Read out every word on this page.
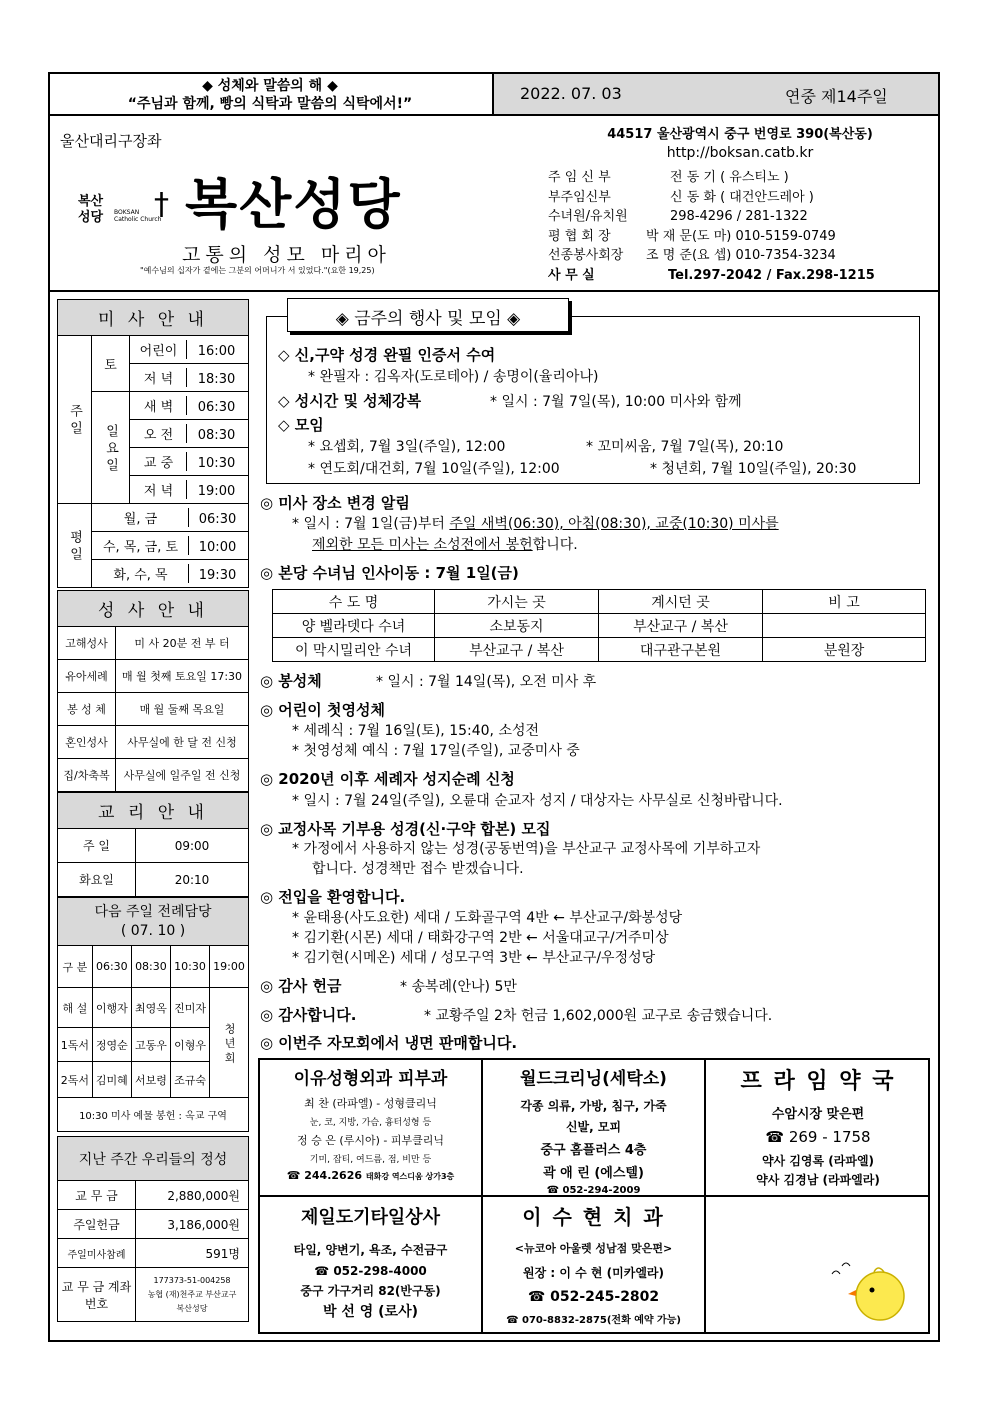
◆ 성체와 말씀의 해 ◆
“주님과 함께, 빵의 식탁과 말씀의 식탁에서!”
2022. 07. 03	연중 제14주일
울산대리구장좌
복산
성당 †
BOKSAN Catholic Church 복산성당
고통의 성모 마리아
"예수님의 십자가 곁에는 그분의 어머니가 서 있었다."(요한 19,25)
44517 울산광역시 중구 번영로 390(복산동)
http://boksan.catb.kr
주 임 신 부	전 동 기 ( 유스티노 )
부주임신부	신 동 화 ( 대건안드레아 )
수녀원/유치원	298-4296 / 281-1322
평 협 회 장	박 재 문(도 마) 010-5159-0749
선종봉사회장 조 명 준(요 셉) 010-7354-3234
사 무 실	Tel.297-2042 / Fax.298-1215
미 사 안 내		
주 일	토	어린이 16:00
		저 녁 18:30
	일 요 일	새 벽 06:30
		오 전 08:30
		교 중 10:30
		저 녁 19:00
평 일	월, 금 06:30	
	수, 목, 금, 토 10:00	
	화, 수, 목 19:30	
성 사 안 내	
고해성사	미 사 20분 전 부 터
유아세례	매 월 첫째 토요일 17:30
봉 성 체	매 월 둘째 목요일
혼인성사	사무실에 한 달 전 신청
집/차축복	사무실에 일주일 전 신청
교 리 안 내	
주 일	09:00
화요일	20:10
다음 주일 전례담당
( 07. 10 )				

구 분	06:30	08:30	10:30	19:00
해 설	이행자	최영옥	진미자	청 년 회
1독서	정영순	고동우	이형우	
2독서	김미혜	서보령	조규숙	
10:30 미사 예물 봉헌 : 옥교 구역				
지난 주간 우리들의 정성	
교 무 금	2,880,000원
주일헌금	3,186,000원
주일미사참례	591명
교 무 금 계좌번호	177373-51-004258
농협 (재)천주교 부산교구
복산성당
◈ 금주의 행사 및 모임 ◈
◇ 신,구약 성경 완필 인증서 수여
* 완필자 : 김옥자(도로테아) / 송명이(율리아나)
◇ 성시간 및 성체강복	* 일시 : 7월 7일(목), 10:00 미사와 함께
◇ 모임
* 요셉회, 7월 3일(주일), 12:00	* 꼬미씨움, 7월 7일(목), 20:10
* 연도회/대건회, 7월 10일(주일), 12:00	* 청년회, 7월 10일(주일), 20:30
◎ 미사 장소 변경 알림
* 일시 : 7월 1일(금)부터 주일 새벽(06:30), 아침(08:30), 교중(10:30) 미사를
제외한 모든 미사는 소성전에서 봉헌합니다.
◎ 본당 수녀님 인사이동 : 7월 1일(금)
수 도 명	가시는 곳	계시던 곳	비 고
양 벨라뎃다 수녀	소보동지	부산교구 / 복산	
이 막시밀리안 수녀	부산교구 / 복산	대구관구본원	분원장
◎ 봉성체	* 일시 : 7월 14일(목), 오전 미사 후
◎ 어린이 첫영성체
* 세례식 : 7월 16일(토), 15:40, 소성전
* 첫영성체 예식 : 7월 17일(주일), 교중미사 중
◎ 2020년 이후 세례자 성지순례 신청
* 일시 : 7월 24일(주일), 오륜대 순교자 성지 / 대상자는 사무실로 신청바랍니다.
◎ 교정사목 기부용 성경(신·구약 합본) 모집
* 가정에서 사용하지 않는 성경(공동번역)을 부산교구 교정사목에 기부하고자
합니다. 성경책만 접수 받겠습니다.
◎ 전입을 환영합니다.
* 윤태용(사도요한) 세대 / 도화골구역 4반 ← 부산교구/화봉성당
* 김기환(시몬) 세대 / 태화강구역 2반 ← 서울대교구/거주미상
* 김기현(시메온) 세대 / 성모구역 3반 ← 부산교구/우정성당
◎ 감사 헌금	* 송복례(안나) 5만
◎ 감사합니다.	* 교황주일 2차 헌금 1,602,000원 교구로 송금했습니다.
◎ 이번주 자모회에서 냉면 판매합니다.
이유성형외과 피부과
최 찬 (라파엘) - 성형클리닉
눈, 코, 지방, 가슴, 흉터성형 등
정 승 은 (루시아) - 피부클리닉
기미, 잡티, 여드름, 점, 비만 등
☎ 244.2626 태화강 역스디움 상가3층
월드크리닝(세탁소)
각종 의류, 가방, 침구, 가죽
신발, 모피
중구 홈플러스 4층
곽 애 린 (에스텔)
☎ 052-294-2009
프 라 임 약 국
수암시장 맞은편
☎ 269 - 1758
약사 김영록 (라파엘)
약사 김경남 (라파엘라)
제일도기타일상사
타일, 양변기, 욕조, 수전금구
☎ 052-298-4000
중구 가구거리 82(반구동)
박 선 영 (로사)
이 수 현 치 과
<뉴코아 아울렛 성남점 맞은편>
원장 : 이 수 현 (미카엘라)
☎ 052-245-2802
☎ 070-8832-2875(전화 예약 가능)
